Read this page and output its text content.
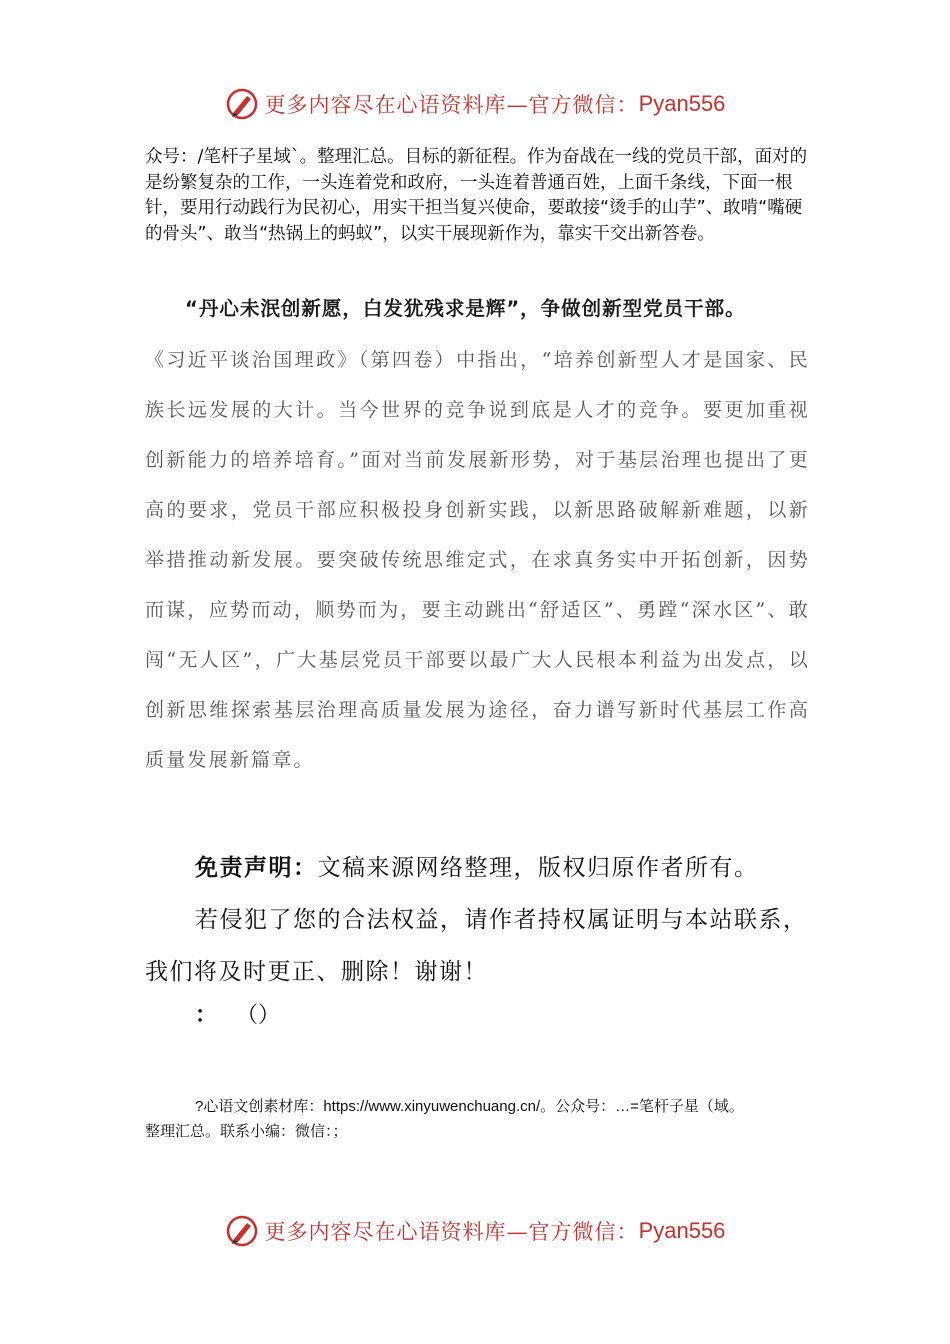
更多内容尽在心语资料库—官方微信： Pyan556

众号：/笔杆子星域`。整理汇总。目标的新征程。作为奋战在一线的党员干部，面对的是纷繁复杂的工作，一头连着党和政府，一头连着普通百姓，上面千条线，下面一根针，要用行动践行为民初心，用实干担当复兴使命，要敢接“烫手的山芋”、敢啃“嘴硬的骨头”、敢当“热锅上的蚂蚁”，以实干展现新作为，靠实干交出新答卷。

“丹心未泯创新愿，白发犹残求是辉”，争做创新型党员干部。

《习近平谈治国理政》（第四卷）中指出，“培养创新型人才是国家、民族长远发展的大计。当今世界的竞争说到底是人才的竞争。要更加重视创新能力的培养培育。”面对当前发展新形势，对于基层治理也提出了更高的要求，党员干部应积极投身创新实践，以新思路破解新难题，以新举措推动新发展。要突破传统思维定式，在求真务实中开拓创新，因势而谋，应势而动，顺势而为，要主动跳出“舒适区”、勇蹚“深水区”、敢闯“无人区”，广大基层党员干部要以最广大人民根本利益为出发点，以创新思维探索基层治理高质量发展为途径，奋力谱写新时代基层工作高质量发展新篇章。

免责声明：文稿来源网络整理，版权归原作者所有。
若侵犯了您的合法权益，请作者持权属证明与本站联系，我们将及时更正、删除！谢谢！

： （）

?心语文创素材库：https://www.xinyuwenchuang.cn/。公众号：…=笔杆子星（域。
整理汇总。联系小编：微信：；
更多内容尽在心语资料库—官方微信： Pyan556
